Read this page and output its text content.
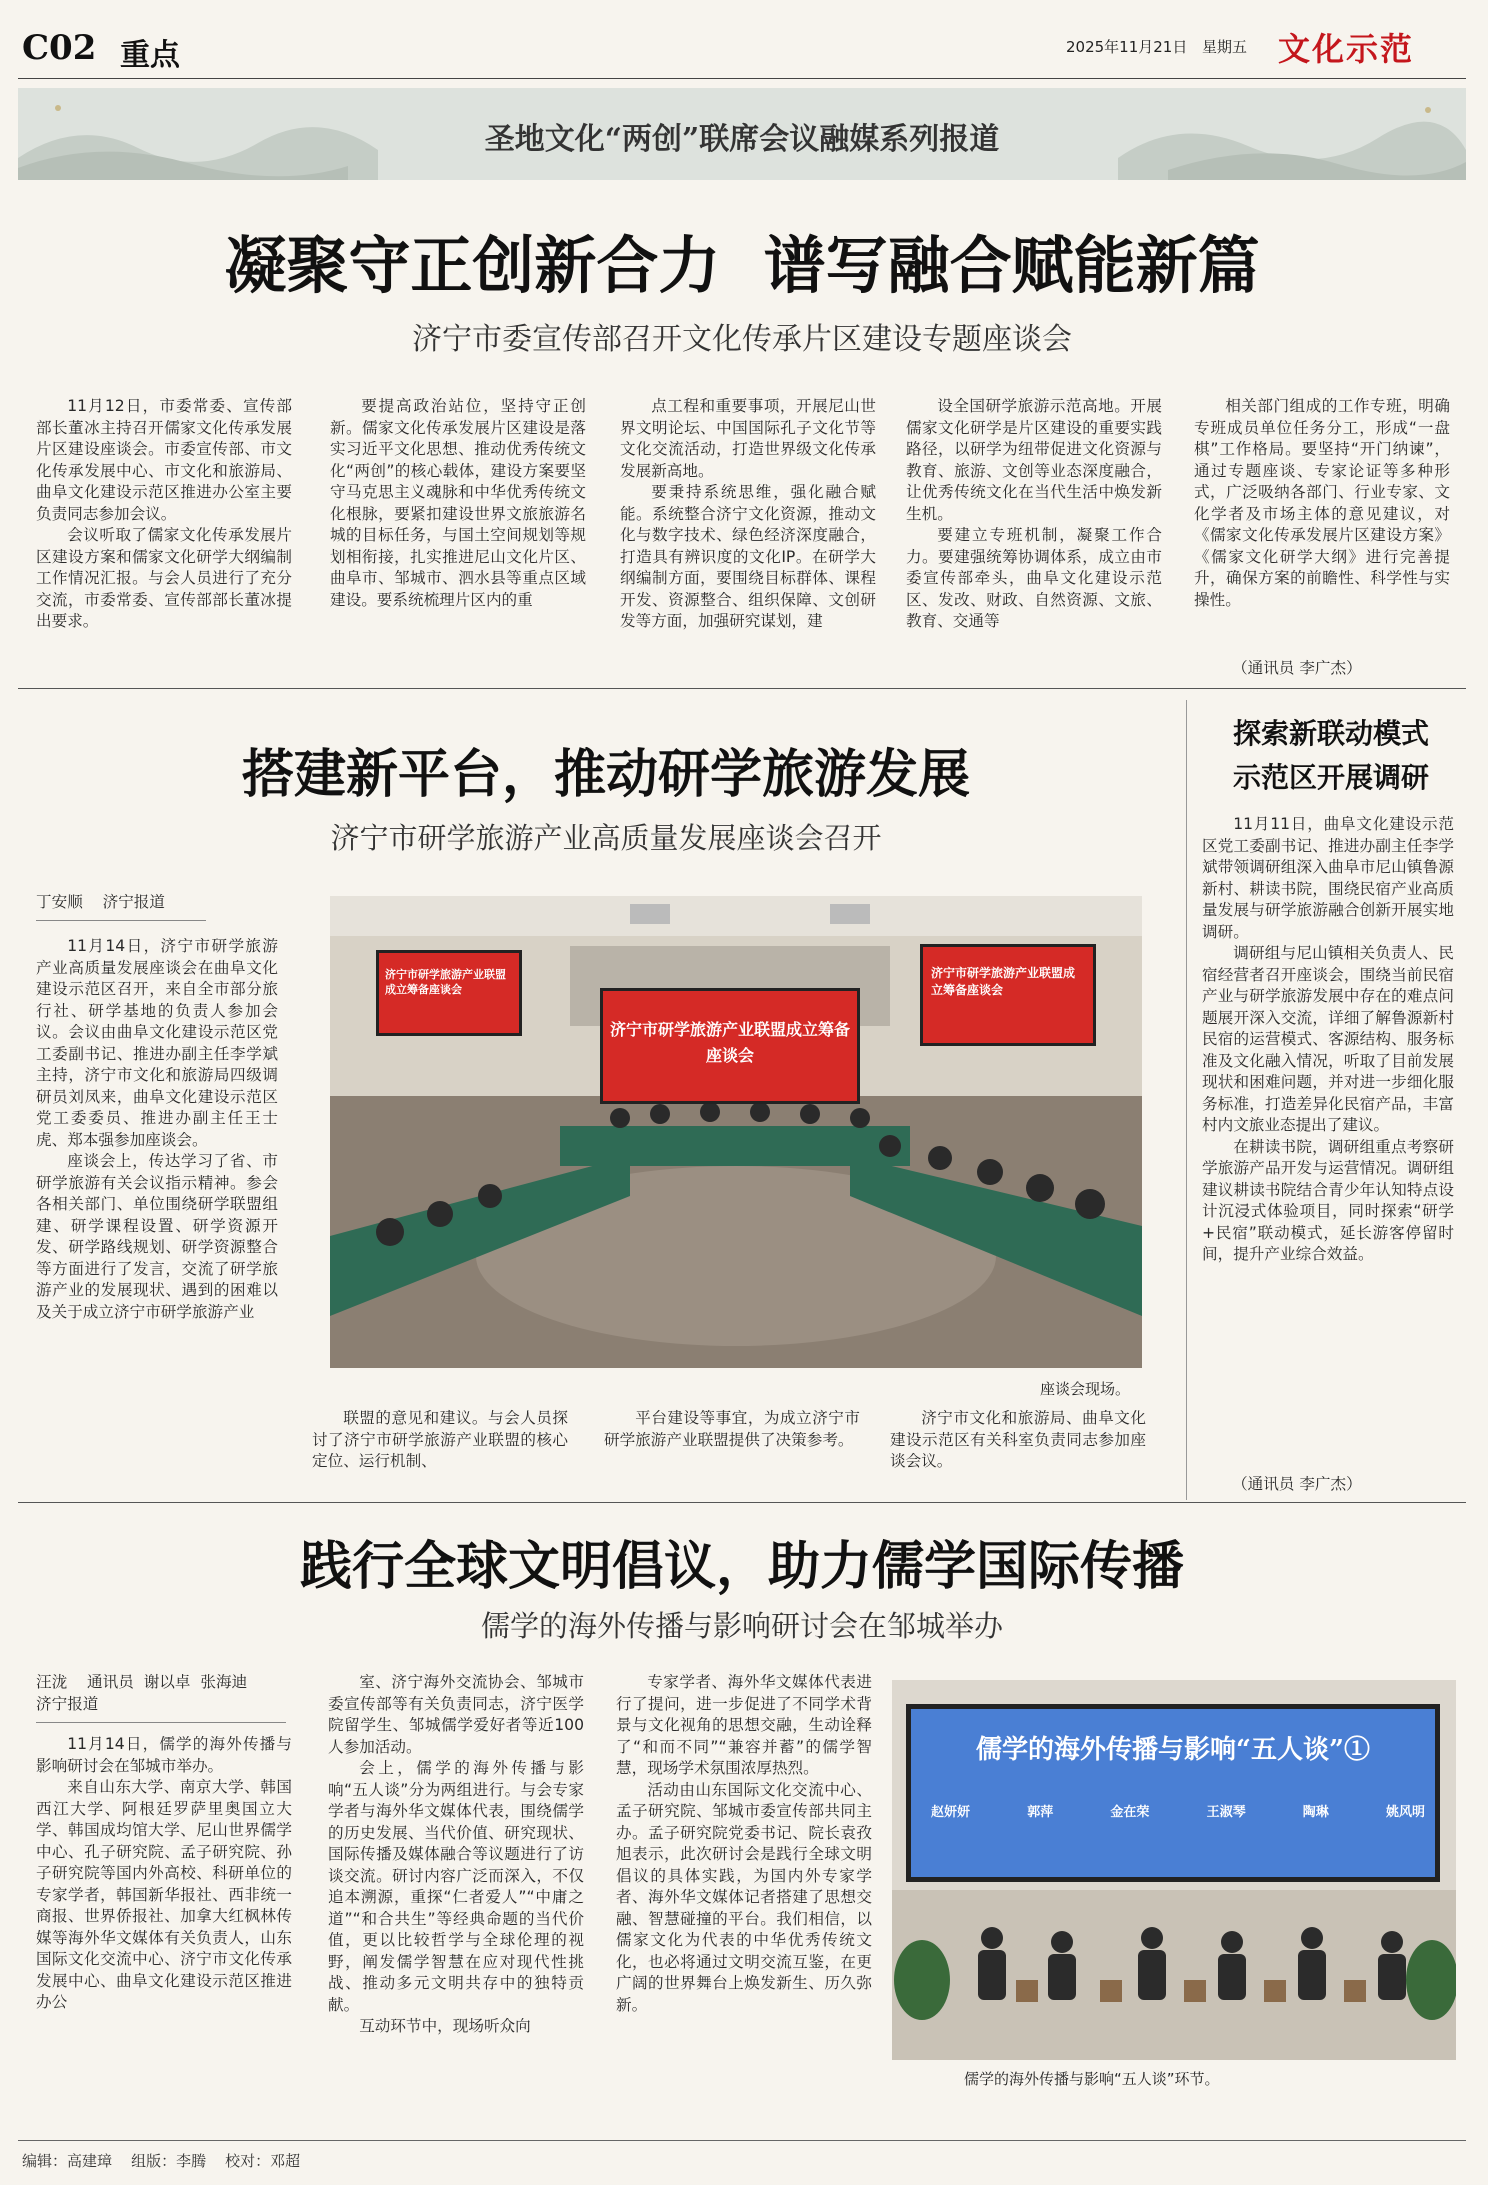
C02 重点	2025年11月21日 星期五 文化示范
圣地文化“两创”联席会议融媒系列报道
凝聚守正创新合力  谱写融合赋能新篇
济宁市委宣传部召开文化传承片区建设专题座谈会

11月12日，市委常委、宣传部部长董冰主持召开儒家文化传承发展片区建设座谈会。市委宣传部、市文化传承发展中心、市文化和旅游局、曲阜文化建设示范区推进办公室主要负责同志参加会议。

会议听取了儒家文化传承发展片区建设方案和儒家文化研学大纲编制工作情况汇报。与会人员进行了充分交流，市委常委、宣传部部长董冰提出要求。

要提高政治站位，坚持守正创新。儒家文化传承发展片区建设是落实习近平文化思想、推动优秀传统文化“两创”的核心载体，建设方案要坚守马克思主义魂脉和中华优秀传统文化根脉，要紧扣建设世界文旅旅游名城的目标任务，与国土空间规划等规划相衔接，扎实推进尼山文化片区、曲阜市、邹城市、泗水县等重点区域建设。要系统梳理片区内的重

点工程和重要事项，开展尼山世界文明论坛、中国国际孔子文化节等文化交流活动，打造世界级文化传承发展新高地。

要秉持系统思维，强化融合赋能。系统整合济宁文化资源，推动文化与数字技术、绿色经济深度融合，打造具有辨识度的文化IP。在研学大纲编制方面，要围绕目标群体、课程开发、资源整合、组织保障、文创研发等方面，加强研究谋划，建

设全国研学旅游示范高地。开展儒家文化研学是片区建设的重要实践路径，以研学为纽带促进文化资源与教育、旅游、文创等业态深度融合，让优秀传统文化在当代生活中焕发新生机。

要建立专班机制，凝聚工作合力。要建强统筹协调体系，成立由市委宣传部牵头，曲阜文化建设示范区、发改、财政、自然资源、文旅、教育、交通等

相关部门组成的工作专班，明确专班成员单位任务分工，形成“一盘棋”工作格局。要坚持“开门纳谏”，通过专题座谈、专家论证等多种形式，广泛吸纳各部门、行业专家、文化学者及市场主体的意见建议，对《儒家文化传承发展片区建设方案》《儒家文化研学大纲》进行完善提升，确保方案的前瞻性、科学性与实操性。

（通讯员 李广杰）
搭建新平台，推动研学旅游发展
济宁市研学旅游产业高质量发展座谈会召开
丁安顺    济宁报道

11月14日，济宁市研学旅游产业高质量发展座谈会在曲阜文化建设示范区召开，来自全市部分旅行社、研学基地的负责人参加会议。会议由曲阜文化建设示范区党工委副书记、推进办副主任李学斌主持，济宁市文化和旅游局四级调研员刘凤来，曲阜文化建设示范区党工委委员、推进办副主任王士虎、郑本强参加座谈会。

座谈会上，传达学习了省、市研学旅游有关会议指示精神。参会各相关部门、单位围绕研学联盟组建、研学课程设置、研学资源开发、研学路线规划、研学资源整合等方面进行了发言，交流了研学旅游产业的发展现状、遇到的困难以及关于成立济宁市研学旅游产业

济宁市研学旅游产业联盟成立筹备
座谈会
济宁市研学旅游产业联盟成立筹备座谈会
济宁市研学旅游产业联盟成立筹备座谈会
座谈会现场。

联盟的意见和建议。与会人员探讨了济宁市研学旅游产业联盟的核心定位、运行机制、

平台建设等事宜，为成立济宁市研学旅游产业联盟提供了决策参考。

济宁市文化和旅游局、曲阜文化建设示范区有关科室负责同志参加座谈会议。

探索新联动模式
示范区开展调研

11月11日，曲阜文化建设示范区党工委副书记、推进办副主任李学斌带领调研组深入曲阜市尼山镇鲁源新村、耕读书院，围绕民宿产业高质量发展与研学旅游融合创新开展实地调研。

调研组与尼山镇相关负责人、民宿经营者召开座谈会，围绕当前民宿产业与研学旅游发展中存在的难点问题展开深入交流，详细了解鲁源新村民宿的运营模式、客源结构、服务标准及文化融入情况，听取了目前发展现状和困难问题，并对进一步细化服务标准，打造差异化民宿产品，丰富村内文旅业态提出了建议。

在耕读书院，调研组重点考察研学旅游产品开发与运营情况。调研组建议耕读书院结合青少年认知特点设计沉浸式体验项目，同时探索“研学+民宿”联动模式，延长游客停留时间，提升产业综合效益。

（通讯员 李广杰）
践行全球文明倡议，助力儒学国际传播
儒学的海外传播与影响研讨会在邹城举办
汪泷    通讯员  谢以卓  张海迪
济宁报道

11月14日，儒学的海外传播与影响研讨会在邹城市举办。

来自山东大学、南京大学、韩国西江大学、阿根廷罗萨里奥国立大学、韩国成均馆大学、尼山世界儒学中心、孔子研究院、孟子研究院、孙子研究院等国内外高校、科研单位的专家学者，韩国新华报社、西非统一商报、世界侨报社、加拿大红枫林传媒等海外华文媒体有关负责人，山东国际文化交流中心、济宁市文化传承发展中心、曲阜文化建设示范区推进办公

室、济宁海外交流协会、邹城市委宣传部等有关负责同志，济宁医学院留学生、邹城儒学爱好者等近100人参加活动。

会上，儒学的海外传播与影响“五人谈”分为两组进行。与会专家学者与海外华文媒体代表，围绕儒学的历史发展、当代价值、研究现状、国际传播及媒体融合等议题进行了访谈交流。研讨内容广泛而深入，不仅追本溯源，重探“仁者爱人”“中庸之道”“和合共生”等经典命题的当代价值，更以比较哲学与全球伦理的视野，阐发儒学智慧在应对现代性挑战、推动多元文明共存中的独特贡献。

互动环节中，现场听众向

专家学者、海外华文媒体代表进行了提问，进一步促进了不同学术背景与文化视角的思想交融，生动诠释了“和而不同”“兼容并蓄”的儒学智慧，现场学术氛围浓厚热烈。

活动由山东国际文化交流中心、孟子研究院、邹城市委宣传部共同主办。孟子研究院党委书记、院长袁孜旭表示，此次研讨会是践行全球文明倡议的具体实践，为国内外专家学者、海外华文媒体记者搭建了思想交融、智慧碰撞的平台。我们相信，以儒家文化为代表的中华优秀传统文化，也必将通过文明交流互鉴，在更广阔的世界舞台上焕发新生、历久弥新。

儒学的海外传播与影响“五人谈”①
赵妍妍	郭萍	金在荣	王淑琴	陶琳	姚风明
儒学的海外传播与影响“五人谈”环节。
编辑：高建璋    组版：李腾    校对：邓超
